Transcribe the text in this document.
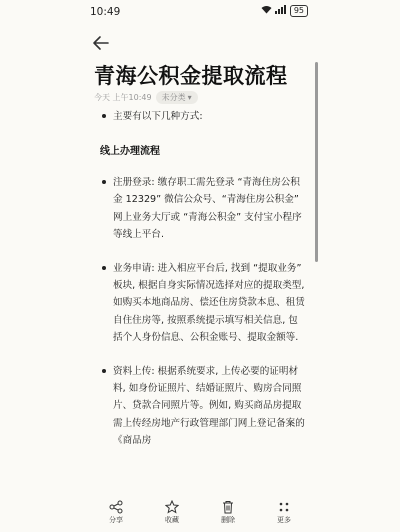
10:49	95
青海公积金提取流程
今天 上午10:49 未分类 ▾

主要有以下几种方式:

线上办理流程

注册登录: 缴存职工需先登录 “青海住房公积金 12329” 微信公众号、“青海住房公积金” 网上业务大厅或 “青海公积金” 支付宝小程序等线上平台.

业务申请: 进入相应平台后, 找到 “提取业务” 板块, 根据自身实际情况选择对应的提取类型, 如购买本地商品房、偿还住房贷款本息、租赁自住住房等, 按照系统提示填写相关信息, 包括个人身份信息、公积金账号、提取金额等.

资料上传: 根据系统要求, 上传必要的证明材料, 如身份证照片、结婚证照片、购房合同照片、贷款合同照片等。例如, 购买商品房提取需上传经房地产行政管理部门网上登记备案的《商品房

分享	收藏	删除	更多
